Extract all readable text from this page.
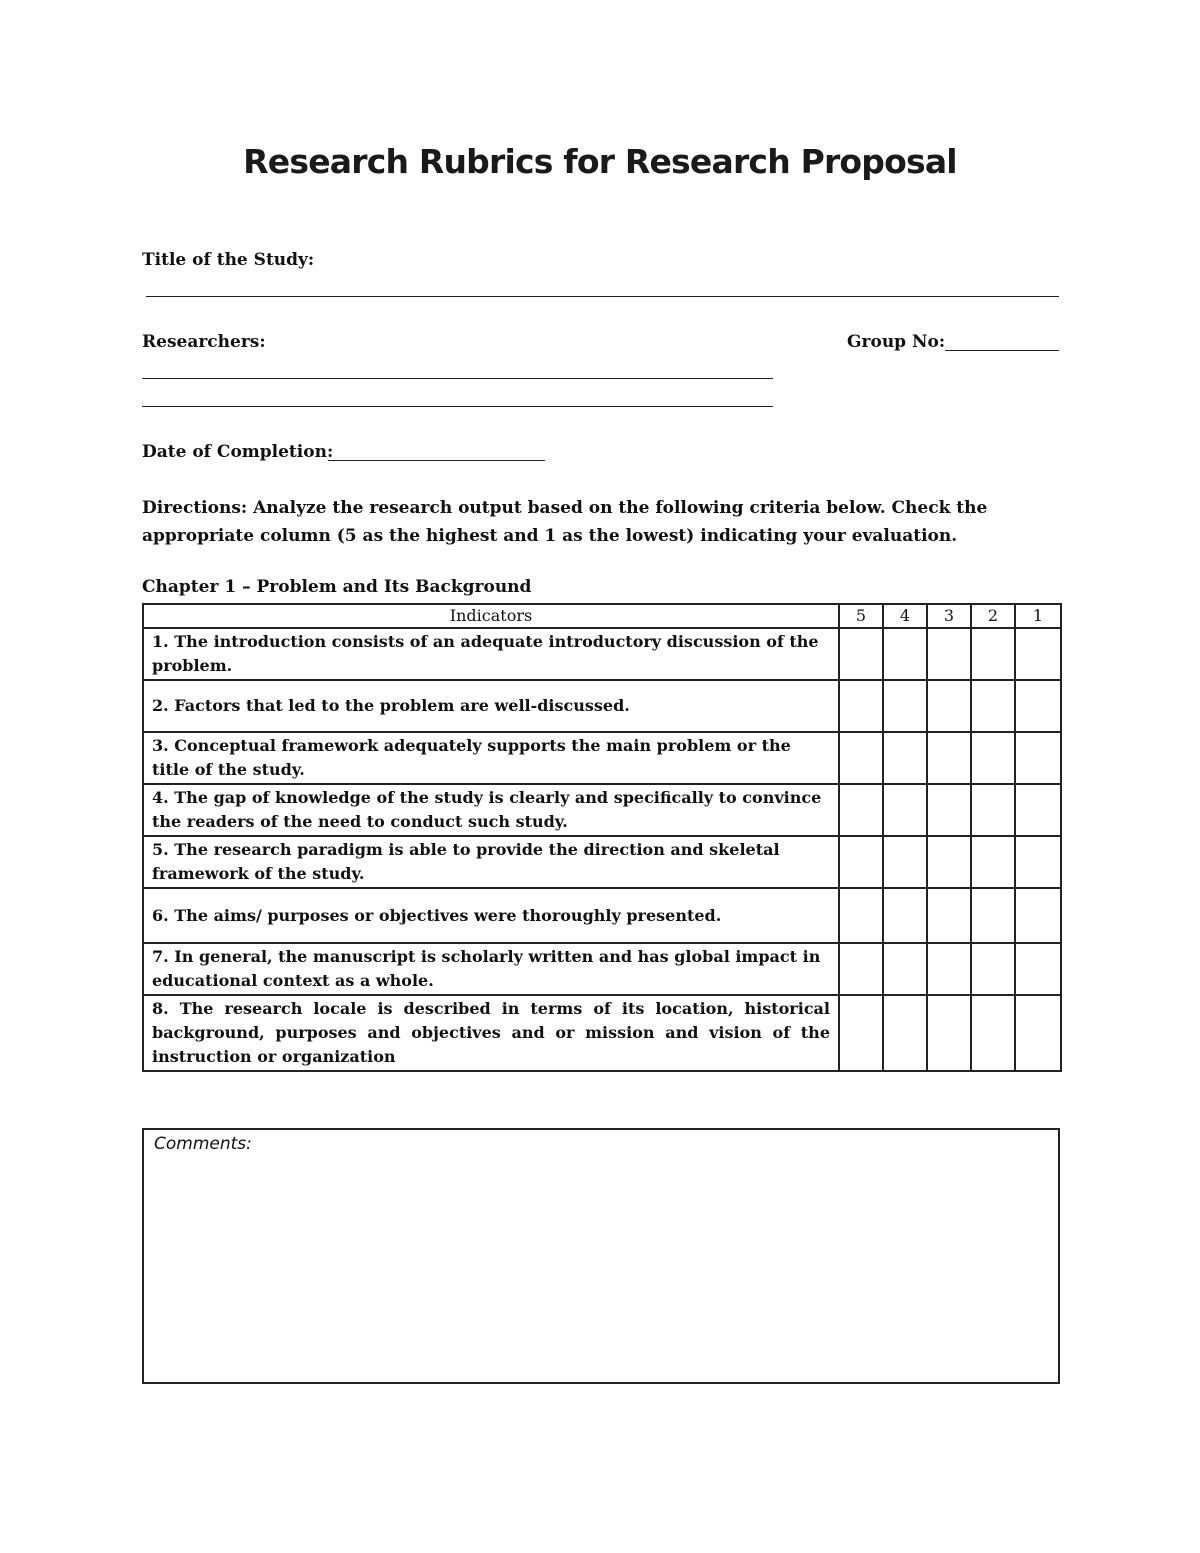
Research Rubrics for Research Proposal
Title of the Study:
Researchers:	Group No:
Date of Completion:
Directions: Analyze the research output based on the following criteria below. Check the appropriate column (5 as the highest and 1 as the lowest) indicating your evaluation.
Chapter 1 – Problem and Its Background
Indicators	5	4	3	2	1
1. The introduction consists of an adequate introductory discussion of the problem.					
2. Factors that led to the problem are well-discussed.					
3. Conceptual framework adequately supports the main problem or the title of the study.					
4. The gap of knowledge of the study is clearly and specifically to convince the readers of the need to conduct such study.					
5. The research paradigm is able to provide the direction and skeletal framework of the study.					
6. The aims/ purposes or objectives were thoroughly presented.					
7. In general, the manuscript is scholarly written and has global impact in educational context as a whole.					
8. The research locale is described in terms of its location, historical background, purposes and objectives and or mission and vision of the instruction or organization					
Comments:
